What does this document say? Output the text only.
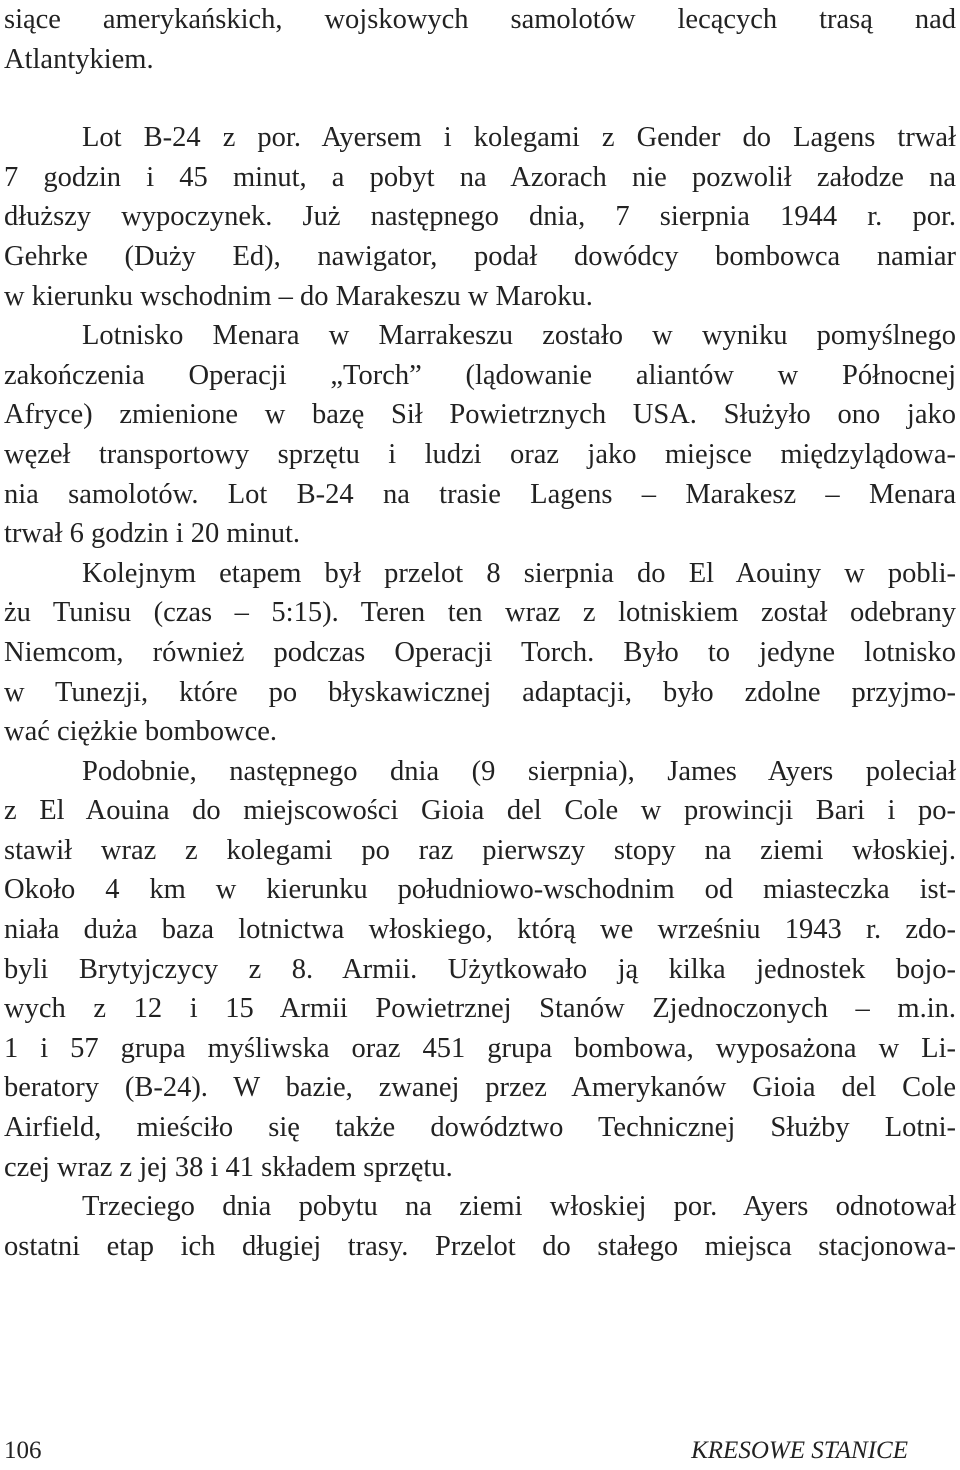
siące amerykańskich, wojskowych samolotów lecących trasą nad
Atlantykiem.

Lot B-24 z por. Ayersem i kolegami z Gender do Lagens trwał
7 godzin i 45 minut, a pobyt na Azorach nie pozwolił załodze na
dłuższy wypoczynek. Już następnego dnia, 7 sierpnia 1944 r. por.
Gehrke (Duży Ed), nawigator, podał dowódcy bombowca namiar
w kierunku wschodnim – do Marakeszu w Maroku.

Lotnisko Menara w Marrakeszu zostało w wyniku pomyślnego
zakończenia Operacji „Torch” (lądowanie aliantów w Północnej
Afryce) zmienione w bazę Sił Powietrznych USA. Służyło ono jako
węzeł transportowy sprzętu i ludzi oraz jako miejsce międzylądowa-
nia samolotów. Lot B-24 na trasie Lagens – Marakesz – Menara
trwał 6 godzin i 20 minut.

Kolejnym etapem był przelot 8 sierpnia do El Aouiny w pobli-
żu Tunisu (czas – 5:15). Teren ten wraz z lotniskiem został odebrany
Niemcom, również podczas Operacji Torch. Było to jedyne lotnisko
w Tunezji, które po błyskawicznej adaptacji, było zdolne przyjmo-
wać ciężkie bombowce.

Podobnie, następnego dnia (9 sierpnia), James Ayers poleciał
z El Aouina do miejscowości Gioia del Cole w prowincji Bari i po-
stawił wraz z kolegami po raz pierwszy stopy na ziemi włoskiej.
Około 4 km w kierunku południowo-wschodnim od miasteczka ist-
niała duża baza lotnictwa włoskiego, którą we wrześniu 1943 r. zdo-
byli Brytyjczycy z 8. Armii. Użytkowało ją kilka jednostek bojo-
wych z 12 i 15 Armii Powietrznej Stanów Zjednoczonych – m.in.
1 i 57 grupa myśliwska oraz 451 grupa bombowa, wyposażona w Li-
beratory (B-24). W bazie, zwanej przez Amerykanów Gioia del Cole
Airfield, mieściło się także dowództwo Technicznej Służby Lotni-
czej wraz z jej 38 i 41 składem sprzętu.

Trzeciego dnia pobytu na ziemi włoskiej por. Ayers odnotował
ostatni etap ich długiej trasy. Przelot do stałego miejsca stacjonowa-

106	KRESOWE STANICE
